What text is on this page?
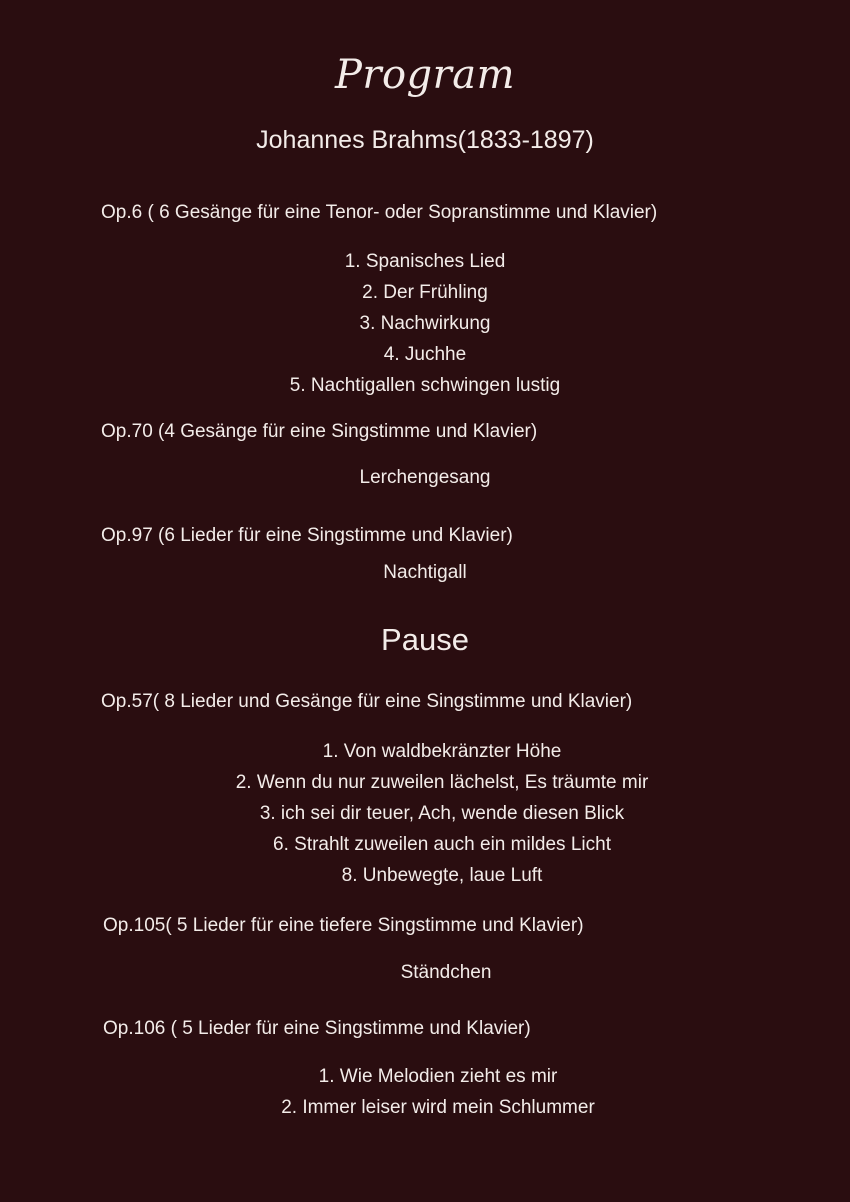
Program
Johannes Brahms(1833-1897)
Op.6 ( 6 Gesänge für eine Tenor- oder Sopranstimme und Klavier)
1. Spanisches Lied
2. Der Frühling
3. Nachwirkung
4. Juchhe
5. Nachtigallen schwingen lustig
Op.70 (4 Gesänge für eine Singstimme und Klavier)
Lerchengesang
Op.97 (6 Lieder für eine Singstimme und Klavier)
Nachtigall
Pause
Op.57( 8 Lieder und Gesänge für eine Singstimme und Klavier)
1. Von waldbekränzter Höhe
2. Wenn du nur zuweilen lächelst, Es träumte mir
3. ich sei dir teuer, Ach, wende diesen Blick
6. Strahlt zuweilen auch ein mildes Licht
8. Unbewegte, laue Luft
Op.105( 5 Lieder für eine tiefere Singstimme und Klavier)
Ständchen
Op.106 ( 5 Lieder für eine Singstimme und Klavier)
1. Wie Melodien zieht es mir
2. Immer leiser wird mein Schlummer
